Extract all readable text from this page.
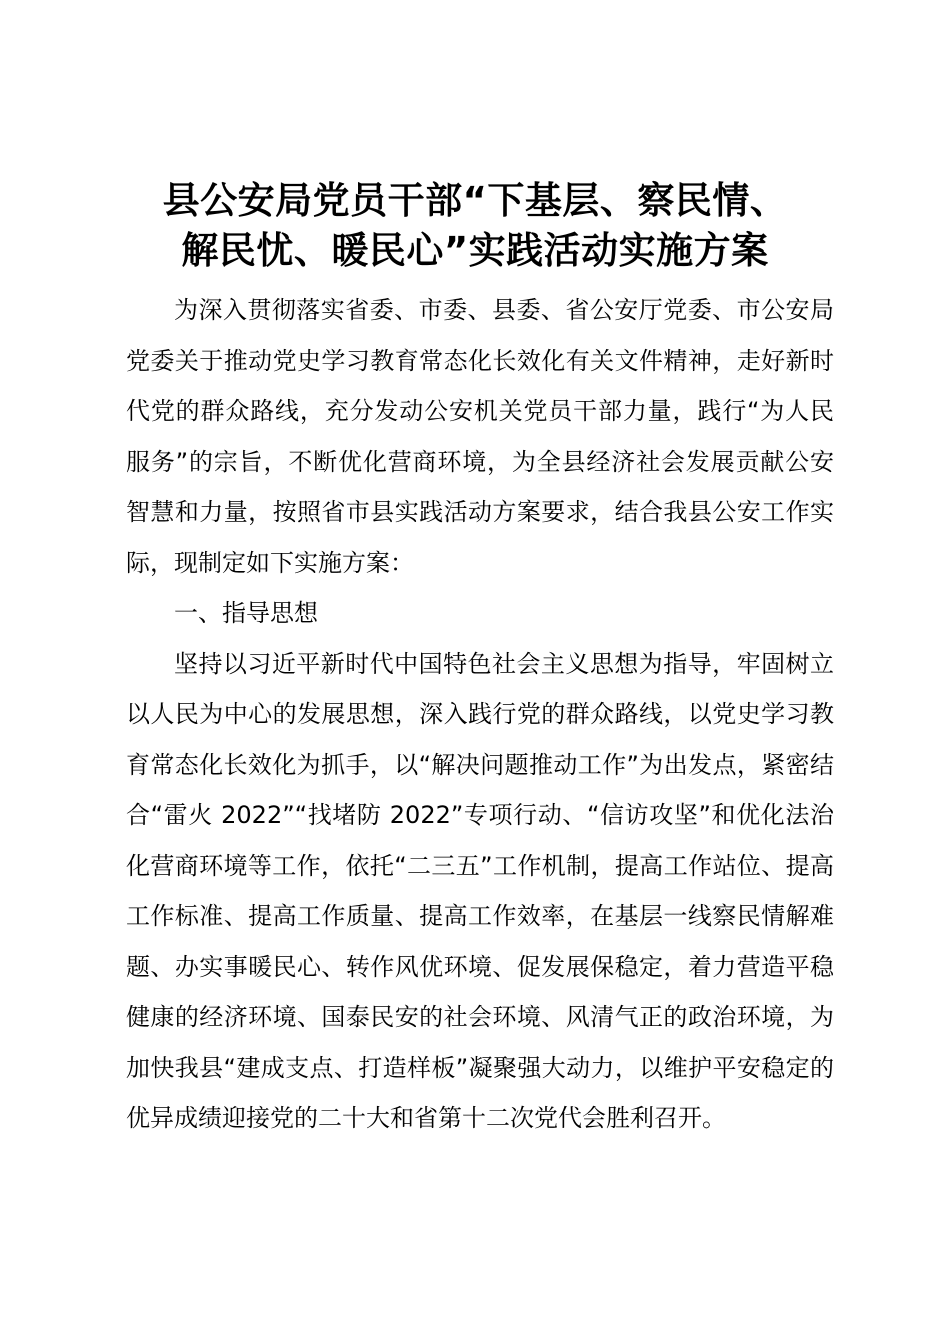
县公安局党员干部“下基层、察民情、
解民忧、暖民心”实践活动实施方案

为深入贯彻落实省委、市委、县委、省公安厅党委、市公安局党委关于推动党史学习教育常态化长效化有关文件精神，走好新时代党的群众路线，充分发动公安机关党员干部力量，践行“为人民服务”的宗旨，不断优化营商环境，为全县经济社会发展贡献公安智慧和力量，按照省市县实践活动方案要求，结合我县公安工作实际，现制定如下实施方案：

一、指导思想

坚持以习近平新时代中国特色社会主义思想为指导，牢固树立以人民为中心的发展思想，深入践行党的群众路线，以党史学习教育常态化长效化为抓手，以“解决问题推动工作”为出发点，紧密结合“雷火 2022”“找堵防 2022”专项行动、“信访攻坚”和优化法治化营商环境等工作，依托“二三五”工作机制，提高工作站位、提高工作标准、提高工作质量、提高工作效率，在基层一线察民情解难题、办实事暖民心、转作风优环境、促发展保稳定，着力营造平稳健康的经济环境、国泰民安的社会环境、风清气正的政治环境，为加快我县“建成支点、打造样板”凝聚强大动力，以维护平安稳定的优异成绩迎接党的二十大和省第十二次党代会胜利召开。
